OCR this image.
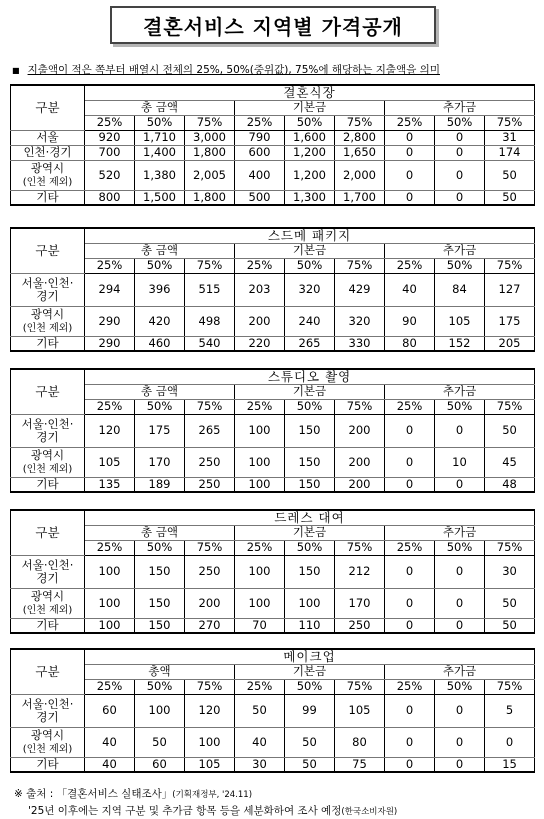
결혼서비스 지역별 가격공개
■ 지출액이 적은 쪽부터 배열시 전체의 25%, 50%(중위값), 75%에 해당하는 지출액을 의미
구분	결혼식장								
	총 금액			기본금			추가금		
	25%	50%	75%	25%	50%	75%	25%	50%	75%
서울	920	1,710	3,000	790	1,600	2,800	0	0	31
인천·경기	700	1,400	1,800	600	1,200	1,650	0	0	174
광역시
(인천 제외)	520	1,380	2,005	400	1,200	2,000	0	0	50
기타	800	1,500	1,800	500	1,300	1,700	0	0	50
구분	스드메 패키지								
	총 금액			기본금			추가금		
	25%	50%	75%	25%	50%	75%	25%	50%	75%
서울·인천·
경기	294	396	515	203	320	429	40	84	127
광역시
(인천 제외)	290	420	498	200	240	320	90	105	175
기타	290	460	540	220	265	330	80	152	205
구분	스튜디오 촬영								
	총 금액			기본금			추가금		
	25%	50%	75%	25%	50%	75%	25%	50%	75%
서울·인천·
경기	120	175	265	100	150	200	0	0	50
광역시
(인천 제외)	105	170	250	100	150	200	0	10	45
기타	135	189	250	100	150	200	0	0	48
구분	드레스 대여								
	총 금액			기본금			추가금		
	25%	50%	75%	25%	50%	75%	25%	50%	75%
서울·인천·
경기	100	150	250	100	150	212	0	0	30
광역시
(인천 제외)	100	150	200	100	100	170	0	0	50
기타	100	150	270	70	110	250	0	0	50
구분	메이크업								
	총액			기본금			추가금		
	25%	50%	75%	25%	50%	75%	25%	50%	75%
서울·인천·
경기	60	100	120	50	99	105	0	0	5
광역시
(인천 제외)	40	50	100	40	50	80	0	0	0
기타	40	60	105	30	50	75	0	0	15
※ 출처 : 「결혼서비스 실태조사」(기획재정부, '24.11)
'25년 이후에는 지역 구분 및 추가금 항목 등을 세분화하여 조사 예정(한국소비자원)
